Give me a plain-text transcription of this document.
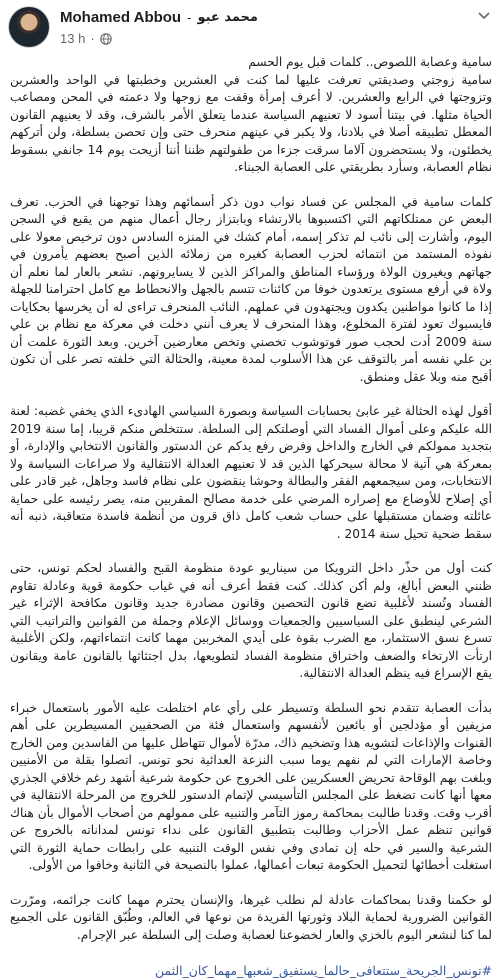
Mohamed Abbou - محمد عبو
13 h ·

سامية وعصابة اللصوص.. كلمات قبل يوم الحسم

سامية زوجتي وصديقتي تعرفت عليها لما كنت في العشرين وخطبتها في الواحد والعشرين وتزوجتها في الرابع والعشرين. لا أعرف إمرأة وقفت مع زوجها ولا دعمته في المحن ومصاعب الحياة مثلها. في بيتنا أسود لا تعنيهم السياسة عندما يتعلق الأمر بالشرف، وقد لا يعنيهم القانون المعطل تطبيقه أصلا في بلادنا، ولا يكبر في عينهم منحرف حتى وإن تحصن بسلطة، ولن أتركهم يخطئون، ولا يستحضرون آلاما سرقت جزءا من طفولتهم ظننا أننا أزيحت يوم 14 جانفي بسقوط نظام العصابة، وسأرد بطريقتي على العصابة الجبناء.

كلمات سامية في المجلس عن فساد نواب دون ذكر أسمائهم وهذا توجهنا في الحزب. تعرف البعض عن ممتلكاتهم التي اكتسبوها بالارتشاء وبابتزاز رجال أعمال منهم من يقبع في السجن اليوم، وأشارت إلى نائب لم تذكر إسمه، أمام كشك في المنزه السادس دون ترخيص معولا على نفوذه المستمد من انتمائه لحزب العصابة كغيره من زملائه الذين أصبح بعضهم يأمرون في جهاتهم ويغيرون الولاة ورؤساء المناطق والمراكز الذين لا يسايرونهم. نشعر بالعار لما نعلم أن ولاة في أرفع مستوى يرتعدون خوفا من كائنات تتسم بالجهل والانحطاط مع كامل احترامنا للجهلة إذا ما كانوا مواطنين يكدون ويجتهدون في عملهم. النائب المنحرف تراءى له أن يخرسها بحكايات فايسبوك تعود لفترة المخلوع، وهذا المنحرف لا يعرف أنني دخلت في معركة مع نظام بن علي سنة 2009 أدت لحجب صور فوتوشوب تخصني وتخص معارضين آخرين. وبعد الثورة علمت أن بن علي نفسه أمر بالتوقف عن هذا الأسلوب لمدة معينة، والحثالة التي خلفته تصر على أن تكون أقبح منه وبلا عقل ومنطق.

أقول لهذه الحثالة غير عابئ بحسابات السياسة وبصورة السياسي الهادىء الذي يخفي غضبه: لعنة الله عليكم وعلى أموال الفساد التي أوصلتكم إلى السلطة. ستتخلص منكم قريبا، إما سنة 2019 بتجديد ممولكم في الخارج والداخل وفرض رفع يدكم عن الدستور والقانون الانتخابي والإدارة، أو بمعركة هي آتية لا محالة سيحركها الذين قد لا تعنيهم العدالة الانتقالية ولا صراعات السياسة ولا الانتخابات، ومن سيجمعهم الفقر والبطالة وحوشا ينقضون على نظام فاسد وجاهل، غير قادر على أي إصلاح للأوضاع مع إصراره المرضي على خدمة مصالح المقربين منه، يصر رئيسه على حماية عائلته وضمان مستقبلها على حساب شعب كامل ذاق قرون من أنظمة فاسدة متعاقبة، ذنبه أنه سقط ضحية تحيل سنة 2014 .

كنت أول من حذّر داخل الترويكا من سيناريو عودة منظومة القبح والفساد لحكم تونس، حتى ظنني البعض أبالغ، ولم أكن كذلك. كنت فقط أعرف أنه في غياب حكومة قوية وعادلة تقاوم الفساد وتُسند لأغلبية تضع قانون التحصين وقانون مصادرة جديد وقانون مكافحة الإثراء غير الشرعي لينطبق على السياسيين والجمعيات ووسائل الإعلام وجملة من القوانين والتراتيب التي تسرع نسق الاستثمار، مع الضرب بقوة على أيدي المخربين مهما كانت انتماءاتهم، ولكن الأغلبية ارتأت الارتخاء والضعف واختراق منظومة الفساد لتطويعها، بدل اجتثاثها بالقانون عامة ويقانون يقع الإسراع فيه ينظم العدالة الانتقالية.

بدأت العصابة تتقدم نحو السلطة وتسيطر على رأي عام اختلطت عليه الأمور باستعمال خبراء مزيفين أو مؤدلجين أو بائعين لأنفسهم واستعمال فئة من الصحفيين المسيطرين على أهم القنوات والإذاعات لتشويه هذا وتضخيم ذاك، مدرّة لأموال تتهاطل عليها من الفاسدين ومن الخارج وخاصة الإمارات التي لم نفهم يوما سبب النزعة العدائية نحو تونس. اتصلوا بقلة من الأمنيين وبلغت بهم الوقاحة تحريض العسكريين على الخروج عن حكومة شرعية أشهد رغم خلافي الجذري معها أنها كانت تضغط على المجلس التأسيسي لإتمام الدستور للخروج من المرحلة الانتقالية في أقرب وقت. وقدنا طالبت بمحاكمة رموز التآمر والتنبيه على ممولهم من أصحاب الأموال بأن هناك قوانين تنظم عمل الأحزاب وطالبت بتطبيق القانون على نداء تونس لمداناته بالخروج عن الشرعية والسير في حله إن تمادى وفي نفس الوقت التنبيه على رابطات حماية الثورة التي استغلت أخطائها لتحميل الحكومة تبعات أعمالها، عملوا بالنصيحة في الثانية وخافوا من الأولى.

لو حكمنا وقدنا بمحاكمات عادلة لم نطلب غيرها، والإنسان يحترم مهما كانت جرائمه، ومرّرت القوانين الضرورية لحماية البلاد وثورتها الفريدة من نوعها في العالم، وطُبّق القانون على الجميع لما كنا لنشعر اليوم بالخزي والعار لخضوعنا لعصابة وصلت إلى السلطة عبر الإجرام.

#تونس_الجريحة_ستتعافى_حالما_يستفيق_شعبها_مهما_كان_الثمن
